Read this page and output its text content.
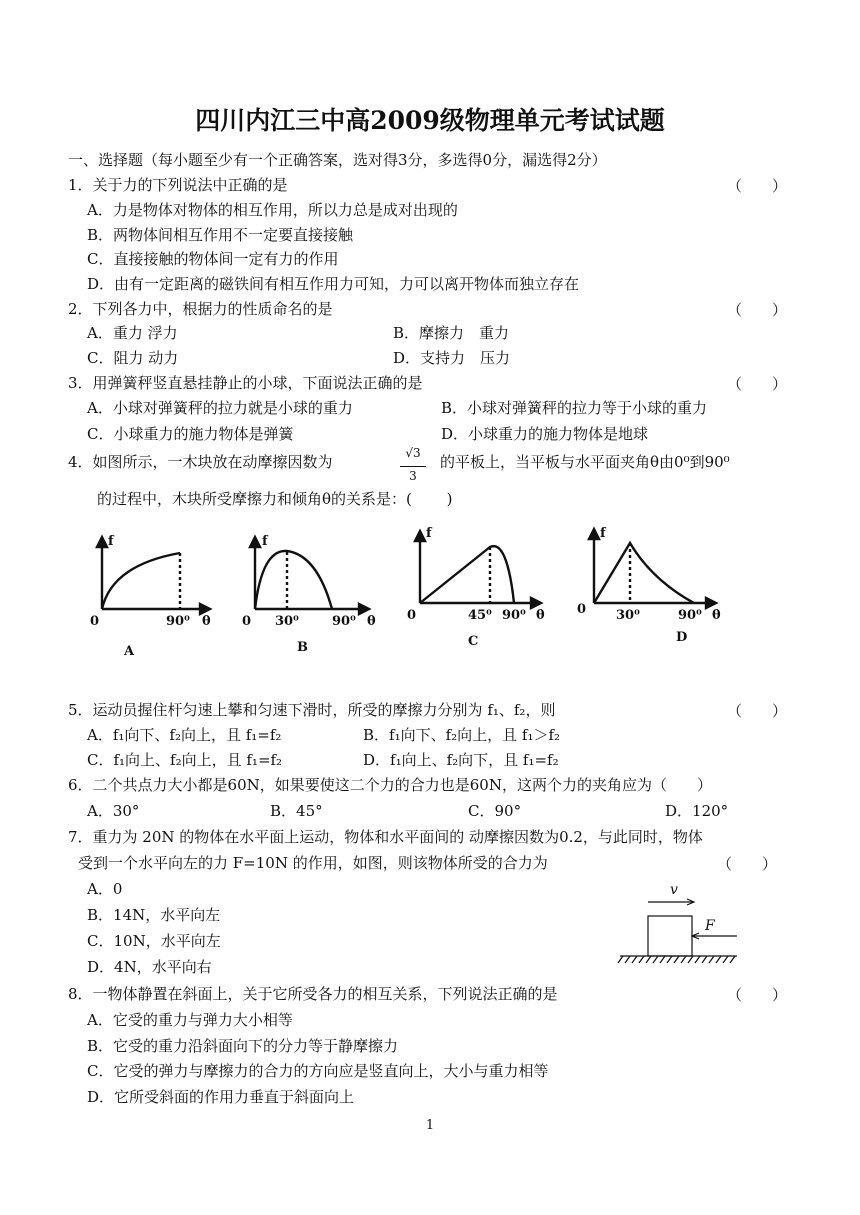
四川内江三中高2009级物理单元考试试题
一、选择题（每小题至少有一个正确答案，选对得3分，多选得0分，漏选得2分）
1．关于力的下列说法中正确的是	（　　）
A．力是物体对物体的相互作用，所以力总是成对出现的
B．两物体间相互作用不一定要直接接触
C．直接接触的物体间一定有力的作用
D．由有一定距离的磁铁间有相互作用力可知，力可以离开物体而独立存在
2．下列各力中，根据力的性质命名的是	（　　）
A．重力 浮力	B．摩擦力　重力
C．阻力 动力	D．支持力　压力
3．用弹簧秤竖直悬挂静止的小球，下面说法正确的是	（　　）
A．小球对弹簧秤的拉力就是小球的重力	B．小球对弹簧秤的拉力等于小球的重力
C．小球重力的施力物体是弹簧	D．小球重力的施力物体是地球
4．如图所示，一木块放在动摩擦因数为	√3
3
的平板上，当平板与水平面夹角θ由0⁰到90⁰
的过程中，木块所受摩擦力和倾角θ的关系是：(　　 )
f
0	90⁰ θ
A
f
0 30⁰	90⁰ θ
B
f
0	45⁰ 90⁰ θ
C
f
0 30⁰	90⁰ θ
D
5．运动员握住杆匀速上攀和匀速下滑时，所受的摩擦力分别为 f₁、f₂，则	（　　）
A．f₁向下、f₂向上，且 f₁=f₂	B．f₁向下、f₂向上，且 f₁＞f₂
C．f₁向上、f₂向上，且 f₁=f₂	D．f₁向上、f₂向下，且 f₁=f₂
6．二个共点力大小都是60N，如果要使这二个力的合力也是60N，这两个力的夹角应为（　　）
A．30°	B．45°	C．90°	D．120°
7．重力为 20N 的物体在水平面上运动，物体和水平面间的 动摩擦因数为0.2，与此同时，物体
受到一个水平向左的力 F=10N 的作用，如图，则该物体所受的合力为	（　　）
A．0
B．14N，水平向左
C．10N，水平向左
D．4N，水平向右
v
F
8．一物体静置在斜面上，关于它所受各力的相互关系，下列说法正确的是	（　　）
A．它受的重力与弹力大小相等
B．它受的重力沿斜面向下的分力等于静摩擦力
C．它受的弹力与摩擦力的合力的方向应是竖直向上，大小与重力相等
D．它所受斜面的作用力垂直于斜面向上
1
